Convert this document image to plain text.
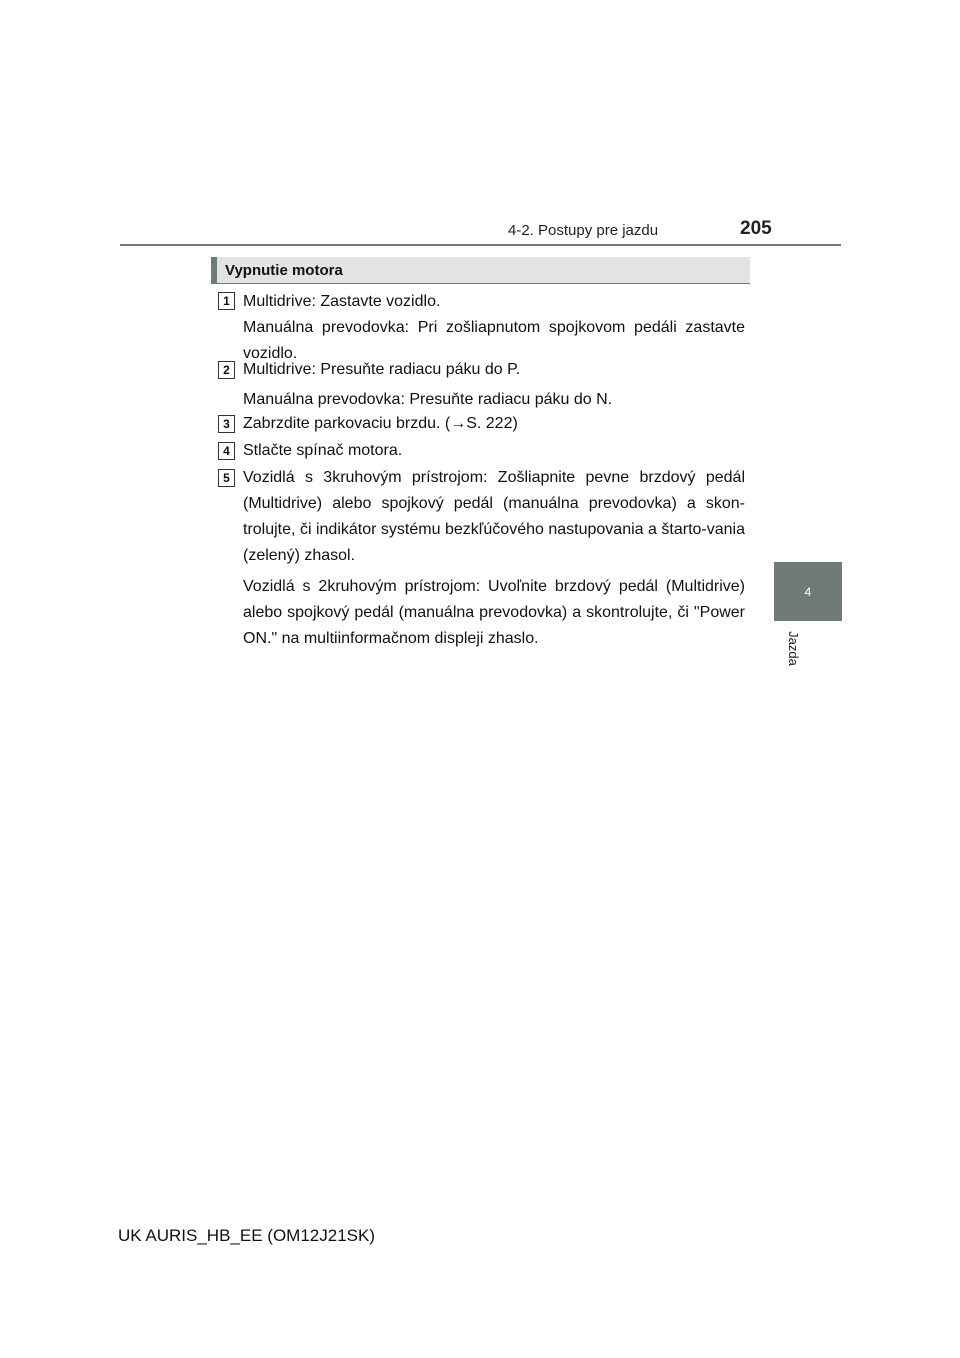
4-2. Postupy pre jazdu	205
4
Jazda
Vypnutie motora
1 Multidrive: Zastavte vozidlo.

Manuálna prevodovka: Pri zošliapnutom spojkovom pedáli zastavte vozidlo.

2 Multidrive: Presuňte radiacu páku do P.

Manuálna prevodovka: Presuňte radiacu páku do N.

3 Zabrzdite parkovaciu brzdu. (→S. 222)

4 Stlačte spínač motora.

5 Vozidlá s 3kruhovým prístrojom: Zošliapnite pevne brzdový pedál (Multidrive) alebo spojkový pedál (manuálna prevodovka) a skon-trolujte, či indikátor systému bezkľúčového nastupovania a štarto-vania (zelený) zhasol.

Vozidlá s 2kruhovým prístrojom: Uvoľnite brzdový pedál (Multidrive) alebo spojkový pedál (manuálna prevodovka) a skontrolujte, či "Power ON." na multiinformačnom displeji zhaslo.

UK AURIS_HB_EE (OM12J21SK)
